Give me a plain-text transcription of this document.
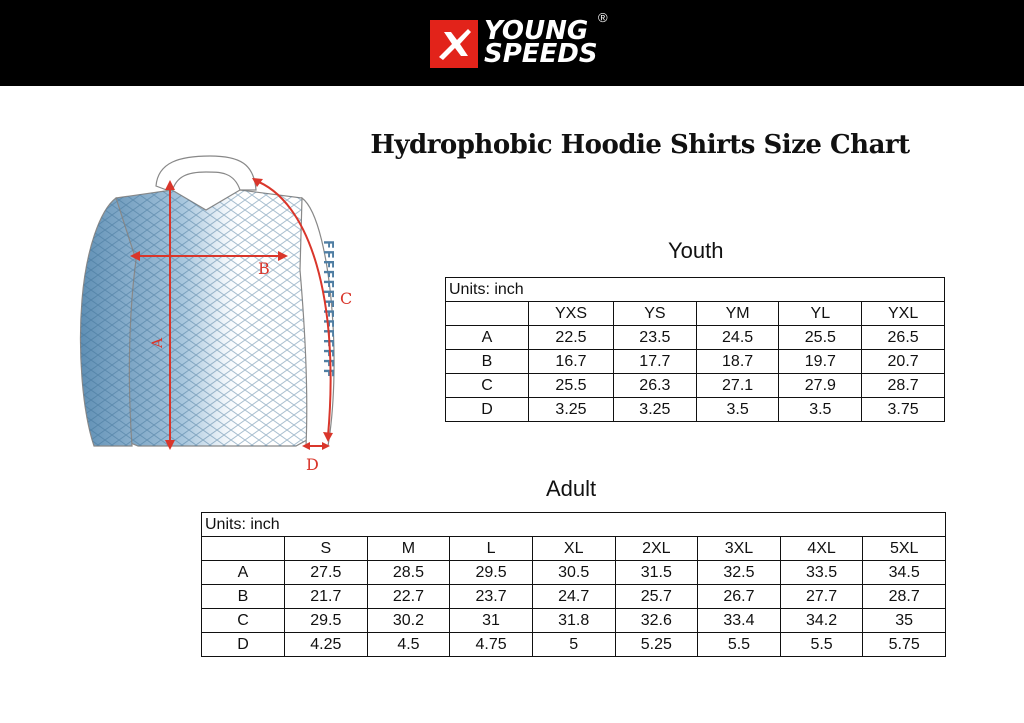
YOUNG
SPEEDS
®
Hydrophobic Hoodie Shirts Size Chart
FFFFFFFFFFFFFF
B
C
A
D
Youth
Units: inch					
	YXS	YS	YM	YL	YXL
A	22.5	23.5	24.5	25.5	26.5
B	16.7	17.7	18.7	19.7	20.7
C	25.5	26.3	27.1	27.9	28.7
D	3.25	3.25	3.5	3.5	3.75
Adult
Units: inch								
	S	M	L	XL	2XL	3XL	4XL	5XL
A	27.5	28.5	29.5	30.5	31.5	32.5	33.5	34.5
B	21.7	22.7	23.7	24.7	25.7	26.7	27.7	28.7
C	29.5	30.2	31	31.8	32.6	33.4	34.2	35
D	4.25	4.5	4.75	5	5.25	5.5	5.5	5.75
